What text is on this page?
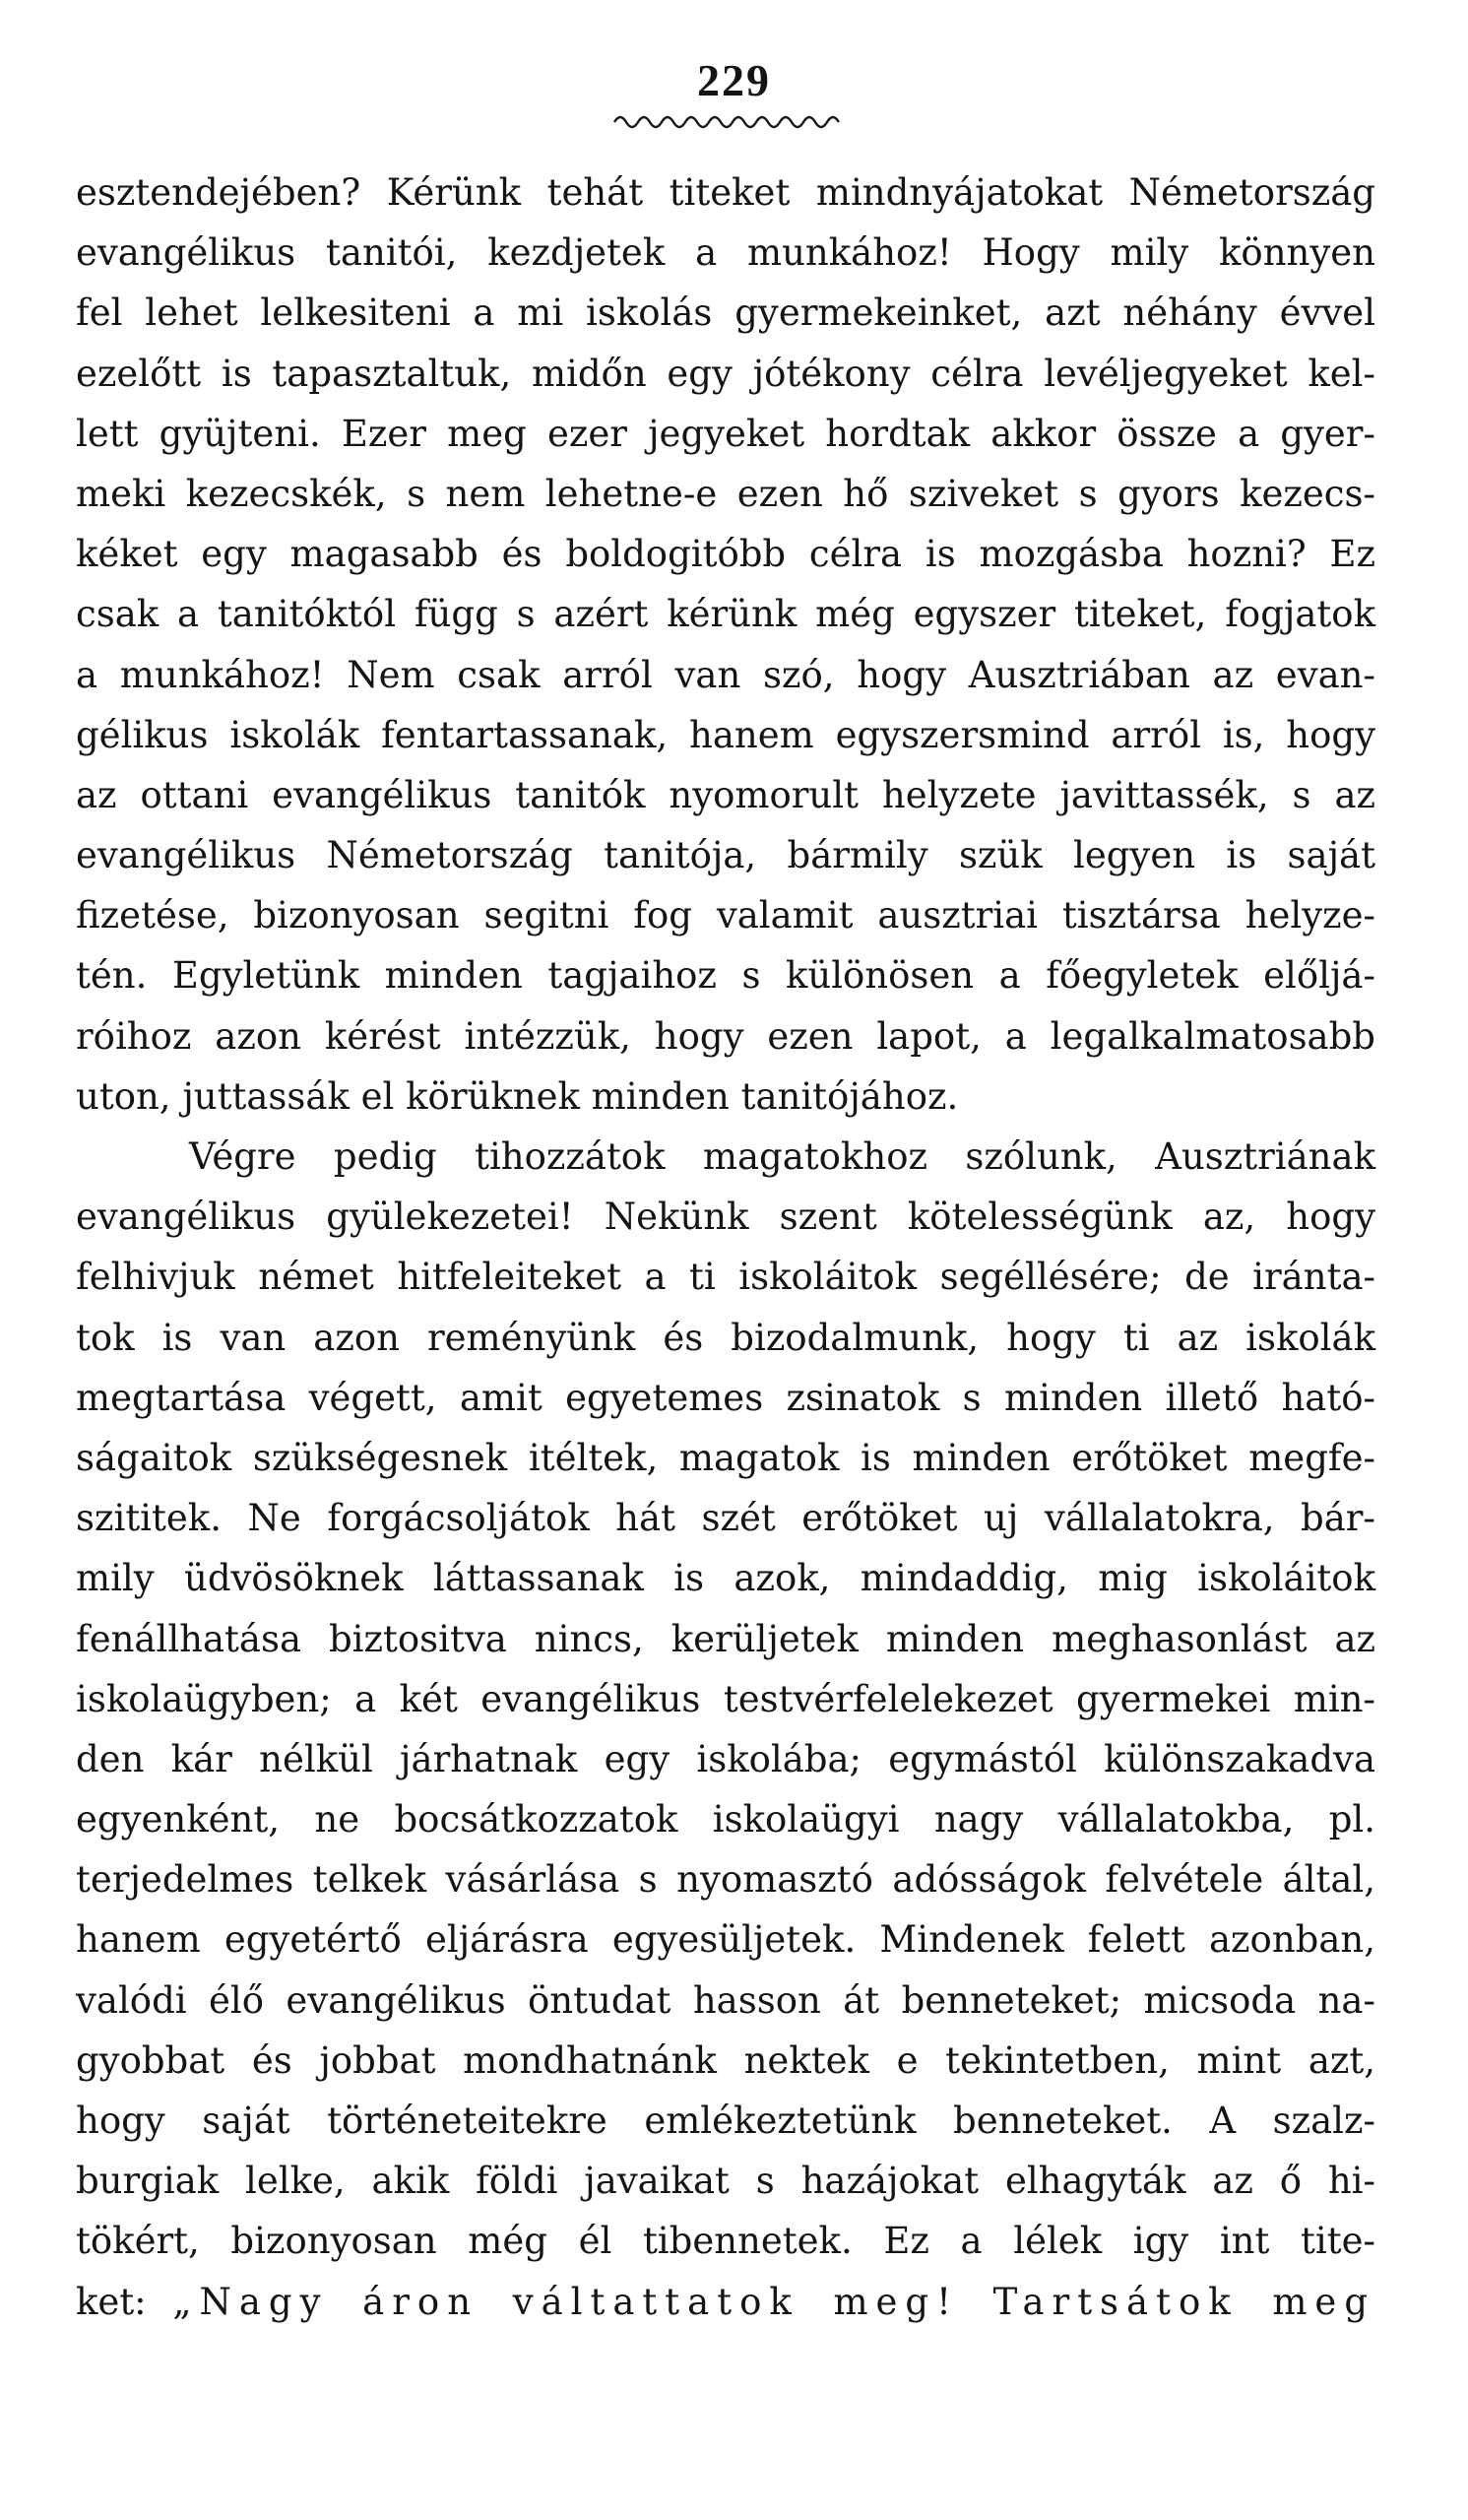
229
esztendejében? Kérünk tehát titeket mindnyájatokat Németország
evangélikus tanitói, kezdjetek a munkához! Hogy mily könnyen
fel lehet lelkesiteni a mi iskolás gyermekeinket, azt néhány évvel
ezelőtt is tapasztaltuk, midőn egy jótékony célra levéljegyeket kel-
lett gyüjteni. Ezer meg ezer jegyeket hordtak akkor össze a gyer-
meki kezecskék, s nem lehetne-e ezen hő sziveket s gyors kezecs-
kéket egy magasabb és boldogitóbb célra is mozgásba hozni? Ez
csak a tanitóktól függ s azért kérünk még egyszer titeket, fogjatok
a munkához! Nem csak arról van szó, hogy Ausztriában az evan-
gélikus iskolák fentartassanak, hanem egyszersmind arról is, hogy
az ottani evangélikus tanitók nyomorult helyzete javittassék, s az
evangélikus Németország tanitója, bármily szük legyen is saját
fizetése, bizonyosan segitni fog valamit ausztriai tisztársa helyze-
tén. Egyletünk minden tagjaihoz s különösen a főegyletek előljá-
róihoz azon kérést intézzük, hogy ezen lapot, a legalkalmatosabb
uton, juttassák el körüknek minden tanitójához.
Végre pedig tihozzátok magatokhoz szólunk, Ausztriának
evangélikus gyülekezetei! Nekünk szent kötelességünk az, hogy
felhivjuk német hitfeleiteket a ti iskoláitok segéllésére; de iránta-
tok is van azon reményünk és bizodalmunk, hogy ti az iskolák
megtartása végett, amit egyetemes zsinatok s minden illető ható-
ságaitok szükségesnek itéltek, magatok is minden erőtöket megfe-
szititek. Ne forgácsoljátok hát szét erőtöket uj vállalatokra, bár-
mily üdvösöknek láttassanak is azok, mindaddig, mig iskoláitok
fenállhatása biztositva nincs, kerüljetek minden meghasonlást az
iskolaügyben; a két evangélikus testvérfelelekezet gyermekei min-
den kár nélkül járhatnak egy iskolába; egymástól különszakadva
egyenként, ne bocsátkozzatok iskolaügyi nagy vállalatokba, pl.
terjedelmes telkek vásárlása s nyomasztó adósságok felvétele által,
hanem egyetértő eljárásra egyesüljetek. Mindenek felett azonban,
valódi élő evangélikus öntudat hasson át benneteket; micsoda na-
gyobbat és jobbat mondhatnánk nektek e tekintetben, mint azt,
hogy saját történeteitekre emlékeztetünk benneteket. A szalz-
burgiak lelke, akik földi javaikat s hazájokat elhagyták az ő hi-
tökért, bizonyosan még él tibennetek. Ez a lélek igy int tite-
ket: „Nagy áron váltattatok meg! Tartsátok meg
